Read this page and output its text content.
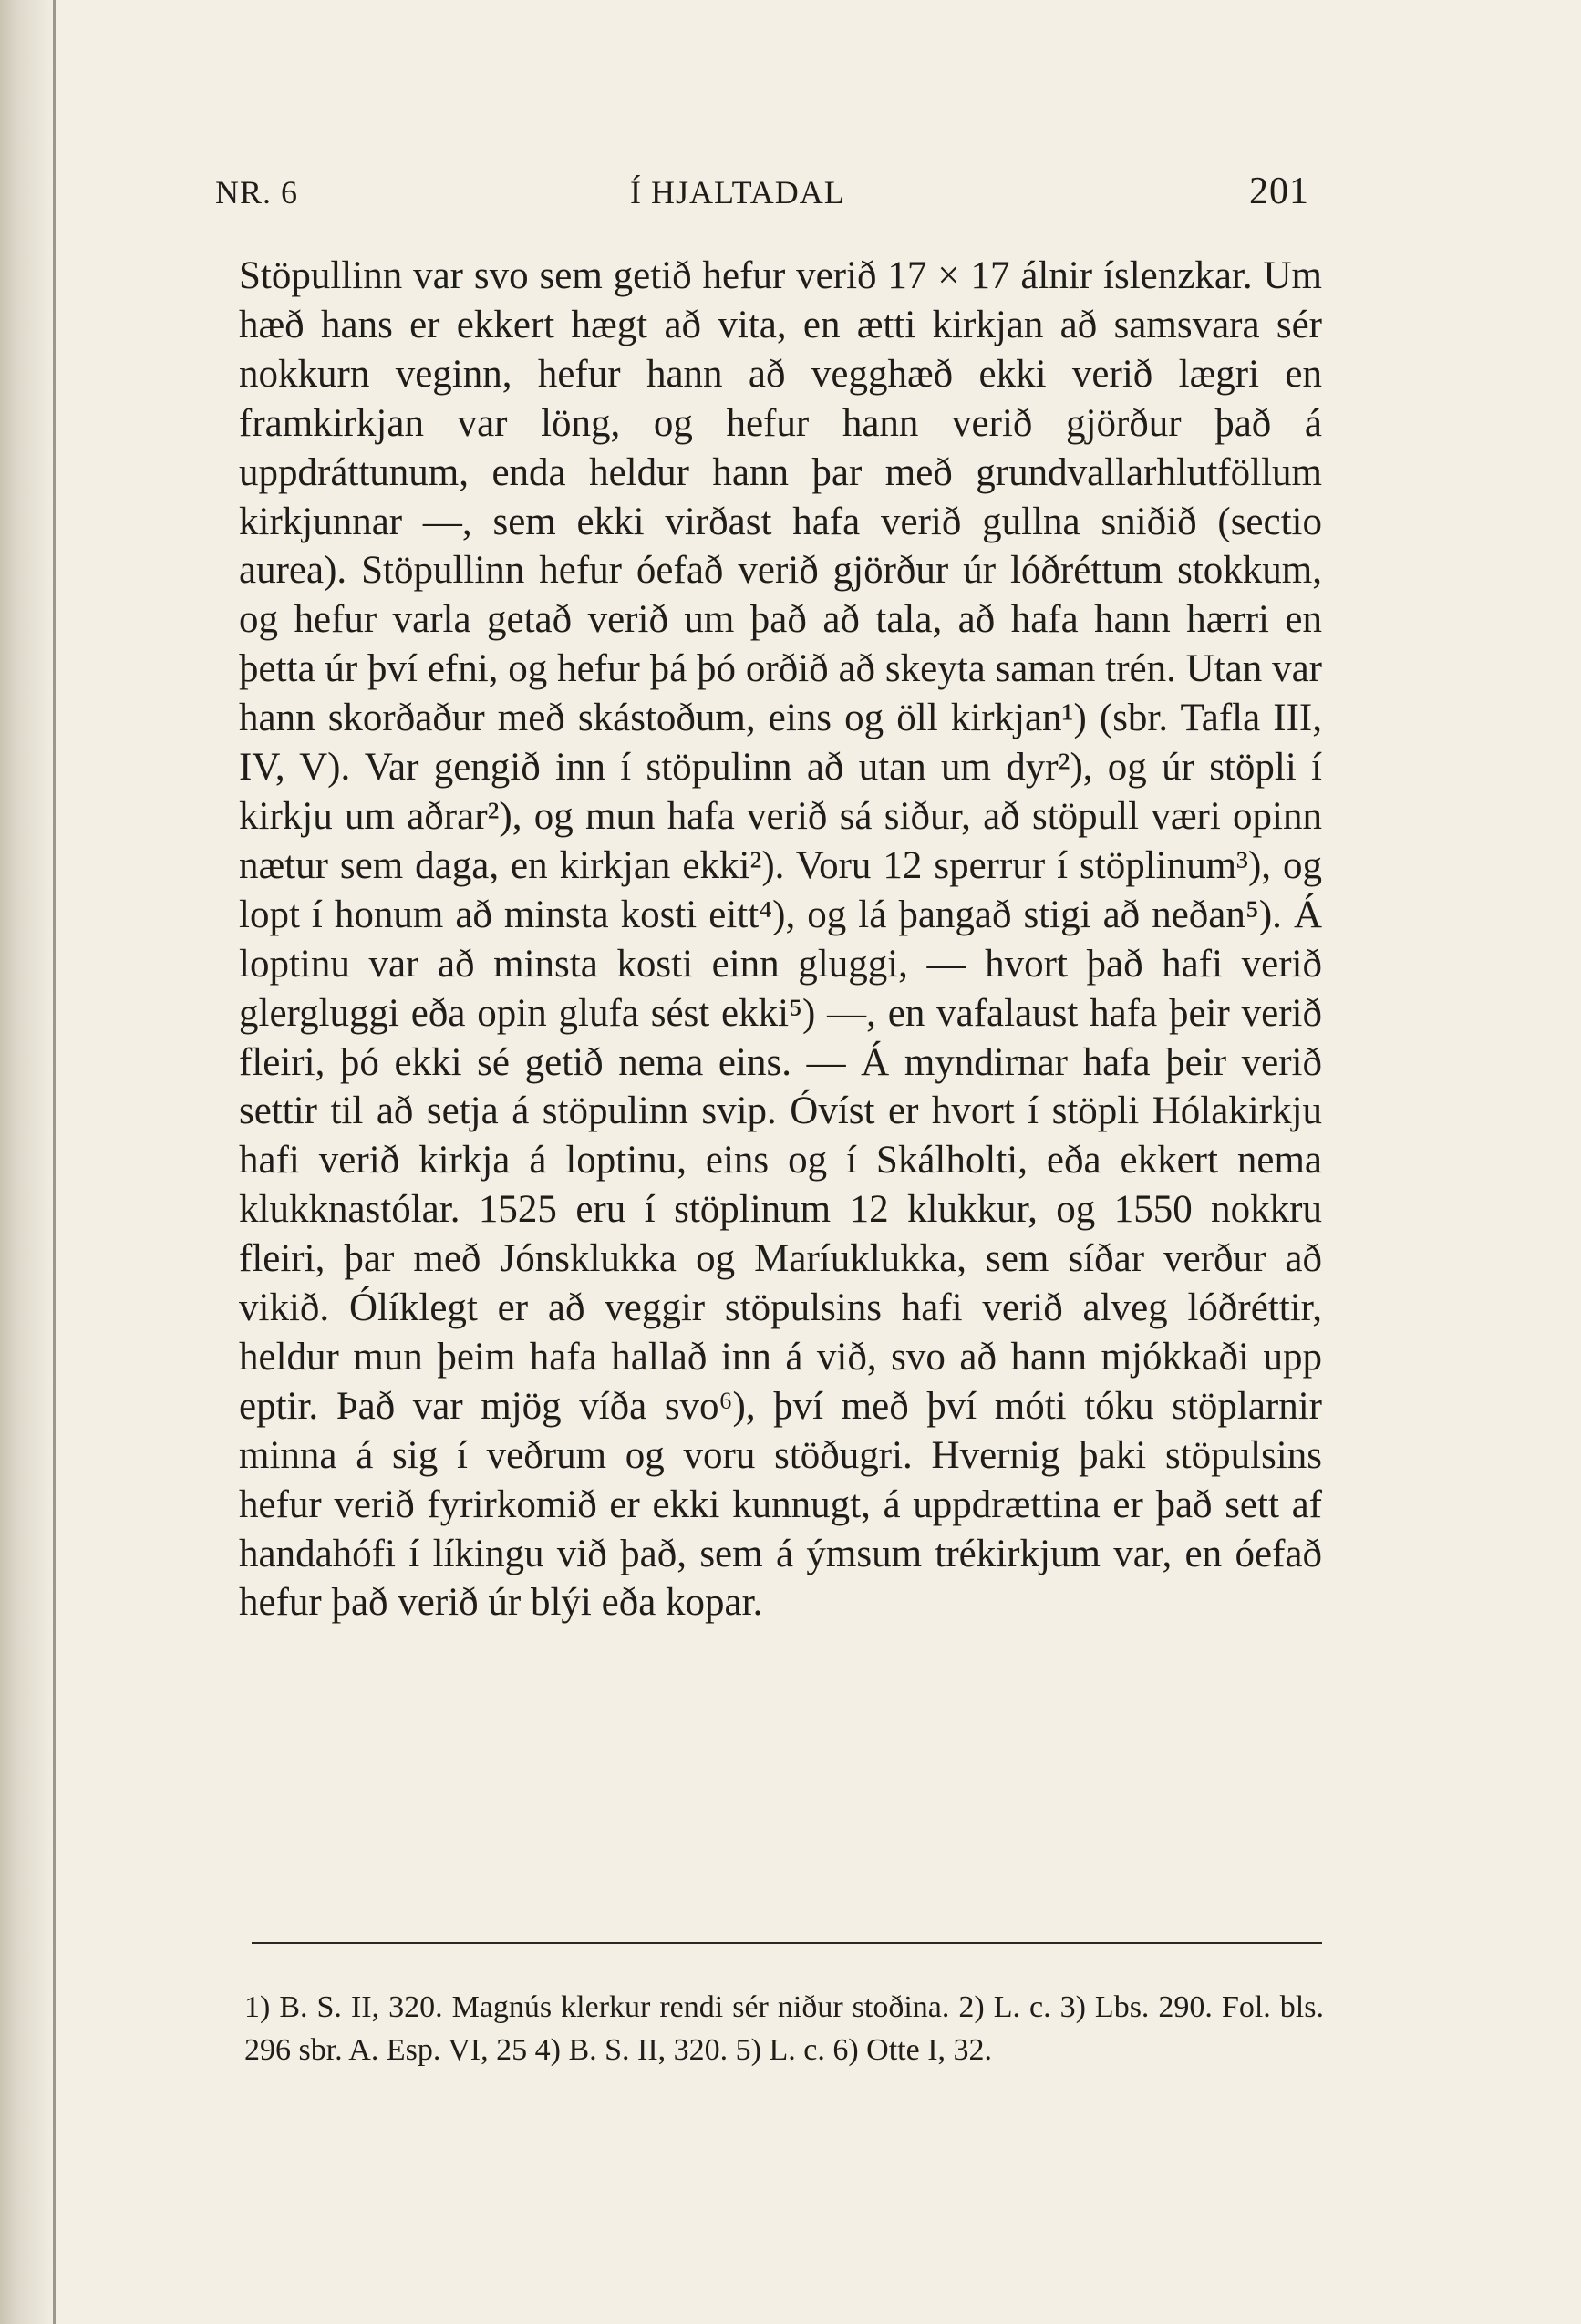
NR. 6	Í HJALTADAL	201

Stöpullinn var svo sem getið hefur verið 17 × 17 álnir íslenzkar. Um hæð hans er ekkert hægt að vita, en ætti kirkjan að samsvara sér nokkurn veginn, hefur hann að vegghæð ekki verið lægri en framkirkjan var löng, og hefur hann verið gjörður það á uppdráttunum, enda heldur hann þar með grundvallarhlutföllum kirkjunnar —, sem ekki virðast hafa verið gullna sniðið (sectio aurea). Stöpullinn hefur óefað verið gjörður úr lóðréttum stokkum, og hefur varla getað verið um það að tala, að hafa hann hærri en þetta úr því efni, og hefur þá þó orðið að skeyta saman trén. Utan var hann skorðaður með skástoðum, eins og öll kirkjan¹) (sbr. Tafla III, IV, V). Var gengið inn í stöpulinn að utan um dyr²), og úr stöpli í kirkju um aðrar²), og mun hafa verið sá siður, að stöpull væri opinn nætur sem daga, en kirkjan ekki²). Voru 12 sperrur í stöplinum³), og lopt í honum að minsta kosti eitt⁴), og lá þangað stigi að neðan⁵). Á loptinu var að minsta kosti einn gluggi, — hvort það hafi verið glergluggi eða opin glufa sést ekki⁵) —, en vafalaust hafa þeir verið fleiri, þó ekki sé getið nema eins. — Á myndirnar hafa þeir verið settir til að setja á stöpulinn svip. Óvíst er hvort í stöpli Hólakirkju hafi verið kirkja á loptinu, eins og í Skálholti, eða ekkert nema klukknastólar. 1525 eru í stöplinum 12 klukkur, og 1550 nokkru fleiri, þar með Jónsklukka og Maríuklukka, sem síðar verður að vikið. Ólíklegt er að veggir stöpulsins hafi verið alveg lóðréttir, heldur mun þeim hafa hallað inn á við, svo að hann mjókkaði upp eptir. Það var mjög víða svo⁶), því með því móti tóku stöplarnir minna á sig í veðrum og voru stöðugri. Hvernig þaki stöpulsins hefur verið fyrirkomið er ekki kunnugt, á uppdrættina er það sett af handahófi í líkingu við það, sem á ýmsum trékirkjum var, en óefað hefur það verið úr blýi eða kopar.

1) B. S. II, 320. Magnús klerkur rendi sér niður stoðina. 2) L. c. 3) Lbs. 290. Fol. bls. 296 sbr. A. Esp. VI, 25 4) B. S. II, 320. 5) L. c. 6) Otte I, 32.
